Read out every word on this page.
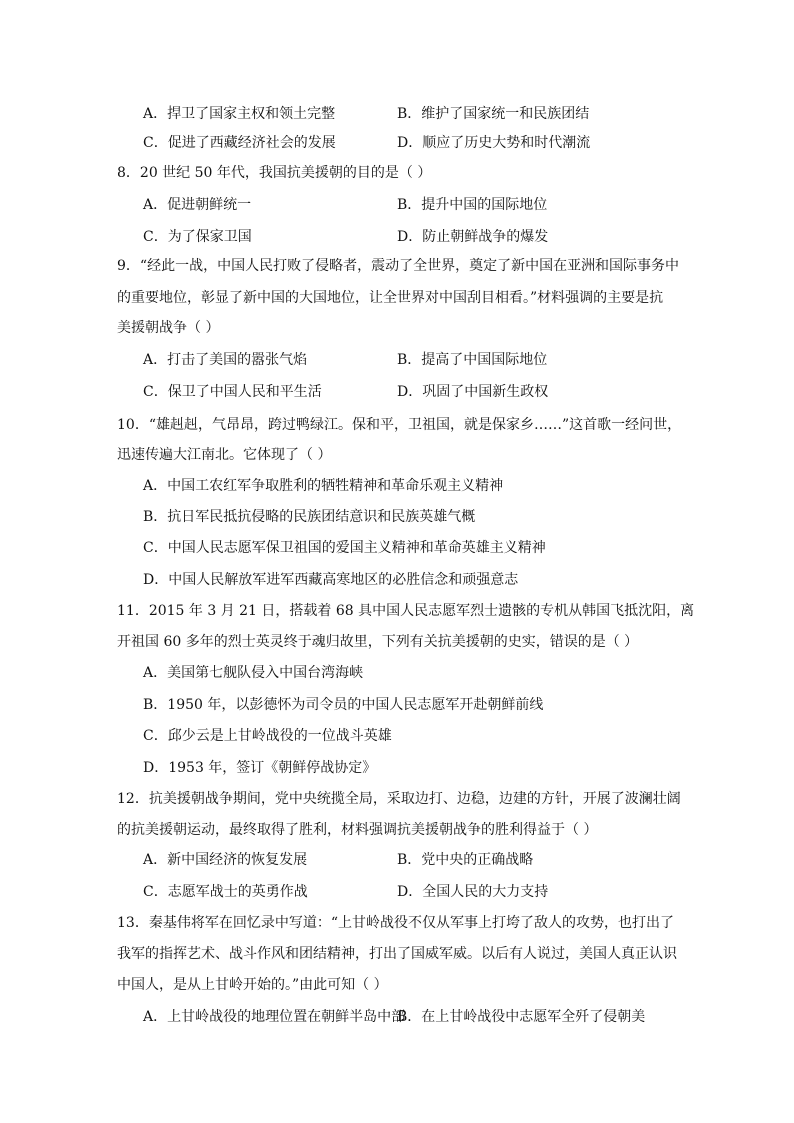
A．捍卫了国家主权和领土完整	B．维护了国家统一和民族团结
C．促进了西藏经济社会的发展	D．顺应了历史大势和时代潮流
8．20 世纪 50 年代，我国抗美援朝的目的是（ ）
A．促进朝鲜统一	B．提升中国的国际地位
C．为了保家卫国	D．防止朝鲜战争的爆发
9．“经此一战，中国人民打败了侵略者，震动了全世界，奠定了新中国在亚洲和国际事务中
的重要地位，彰显了新中国的大国地位，让全世界对中国刮目相看。”材料强调的主要是抗
美援朝战争（ ）
A．打击了美国的嚣张气焰	B．提高了中国国际地位
C．保卫了中国人民和平生活	D．巩固了中国新生政权
10．“雄赳赳，气昂昂，跨过鸭绿江。保和平，卫祖国，就是保家乡……”这首歌一经问世，
迅速传遍大江南北。它体现了（ ）
A．中国工农红军争取胜利的牺牲精神和革命乐观主义精神
B．抗日军民抵抗侵略的民族团结意识和民族英雄气概
C．中国人民志愿军保卫祖国的爱国主义精神和革命英雄主义精神
D．中国人民解放军进军西藏高寒地区的必胜信念和顽强意志
11．2015 年 3 月 21 日，搭载着 68 具中国人民志愿军烈士遗骸的专机从韩国飞抵沈阳，离
开祖国 60 多年的烈士英灵终于魂归故里，下列有关抗美援朝的史实，错误的是（ ）
A．美国第七舰队侵入中国台湾海峡
B．1950 年，以彭德怀为司令员的中国人民志愿军开赴朝鲜前线
C．邱少云是上甘岭战役的一位战斗英雄
D．1953 年，签订《朝鲜停战协定》
12．抗美援朝战争期间，党中央统揽全局，采取边打、边稳，边建的方针，开展了波澜壮阔
的抗美援朝运动，最终取得了胜利，材料强调抗美援朝战争的胜利得益于（ ）
A．新中国经济的恢复发展	B．党中央的正确战略
C．志愿军战士的英勇作战	D．全国人民的大力支持
13．秦基伟将军在回忆录中写道：“上甘岭战役不仅从军事上打垮了敌人的攻势，也打出了
我军的指挥艺术、战斗作风和团结精神，打出了国威军威。以后有人说过，美国人真正认识
中国人，是从上甘岭开始的。”由此可知（ ）
A．上甘岭战役的地理位置在朝鲜半岛中部
B．在上甘岭战役中志愿军全歼了侵朝美
